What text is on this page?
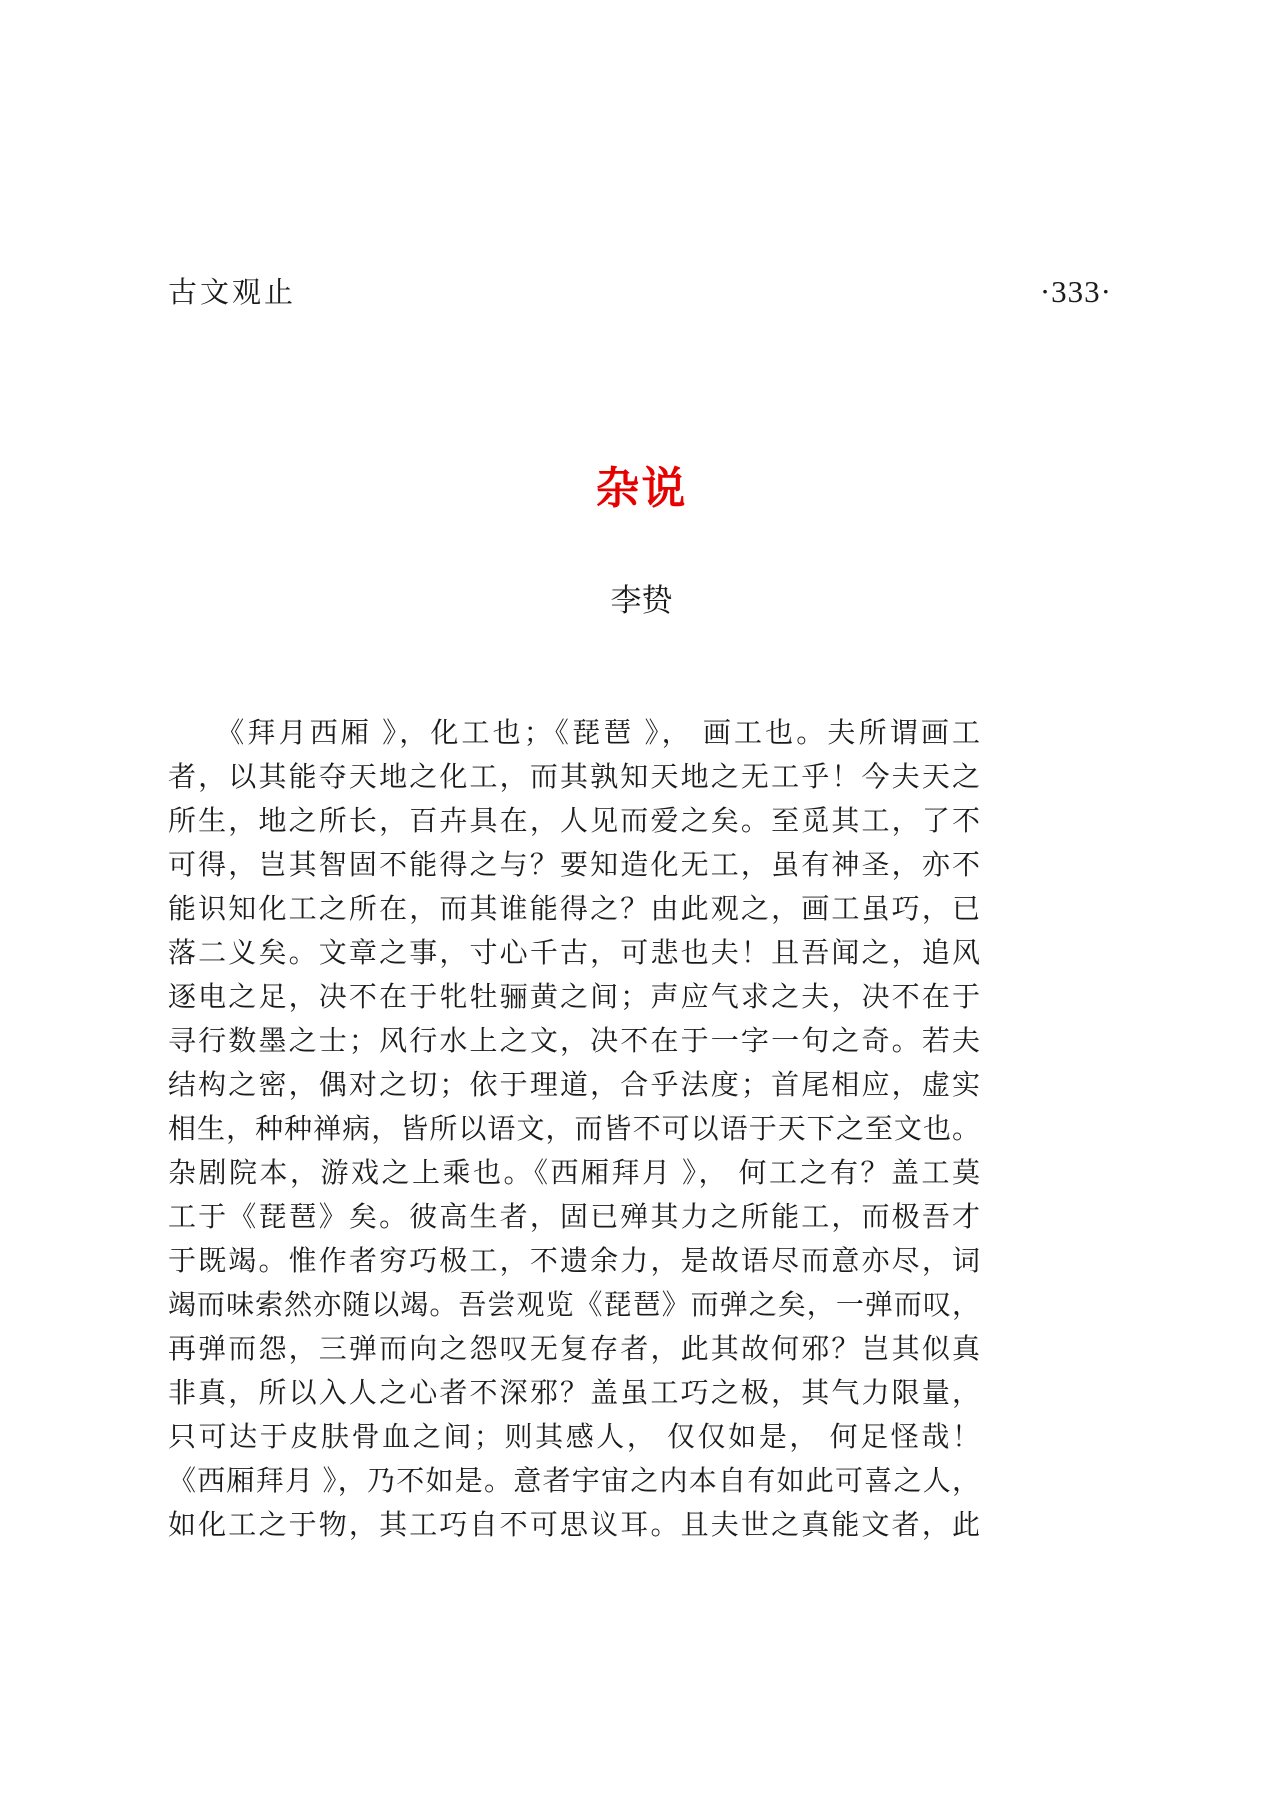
古文观止	·333·
杂说
李贽
　　《拜月西厢 》，化工也；《琵琶 》， 画工也。夫所谓画工
者，以其能夺天地之化工，而其孰知天地之无工乎！今夫天之
所生，地之所长，百卉具在，人见而爱之矣。至觅其工，了不
可得，岂其智固不能得之与？要知造化无工，虽有神圣，亦不
能识知化工之所在，而其谁能得之？由此观之，画工虽巧，已
落二义矣。文章之事，寸心千古，可悲也夫！且吾闻之，追风
逐电之足，决不在于牝牡骊黄之间；声应气求之夫，决不在于
寻行数墨之士；风行水上之文，决不在于一字一句之奇。若夫
结构之密，偶对之切；依于理道，合乎法度；首尾相应，虚实
相生，种种禅病，皆所以语文，而皆不可以语于天下之至文也。
杂剧院本，游戏之上乘也。《西厢拜月 》， 何工之有？盖工莫
工于《琵琶》矣。彼高生者，固已殚其力之所能工，而极吾才
于既竭。惟作者穷巧极工，不遗余力，是故语尽而意亦尽，词
竭而味索然亦随以竭。吾尝观览《琵琶》而弹之矣，一弹而叹，
再弹而怨，三弹而向之怨叹无复存者，此其故何邪？岂其似真
非真，所以入人之心者不深邪？盖虽工巧之极，其气力限量，
只可达于皮肤骨血之间；则其感人， 仅仅如是， 何足怪哉！
《西厢拜月 》，乃不如是。意者宇宙之内本自有如此可喜之人，
如化工之于物，其工巧自不可思议耳。且夫世之真能文者，此
